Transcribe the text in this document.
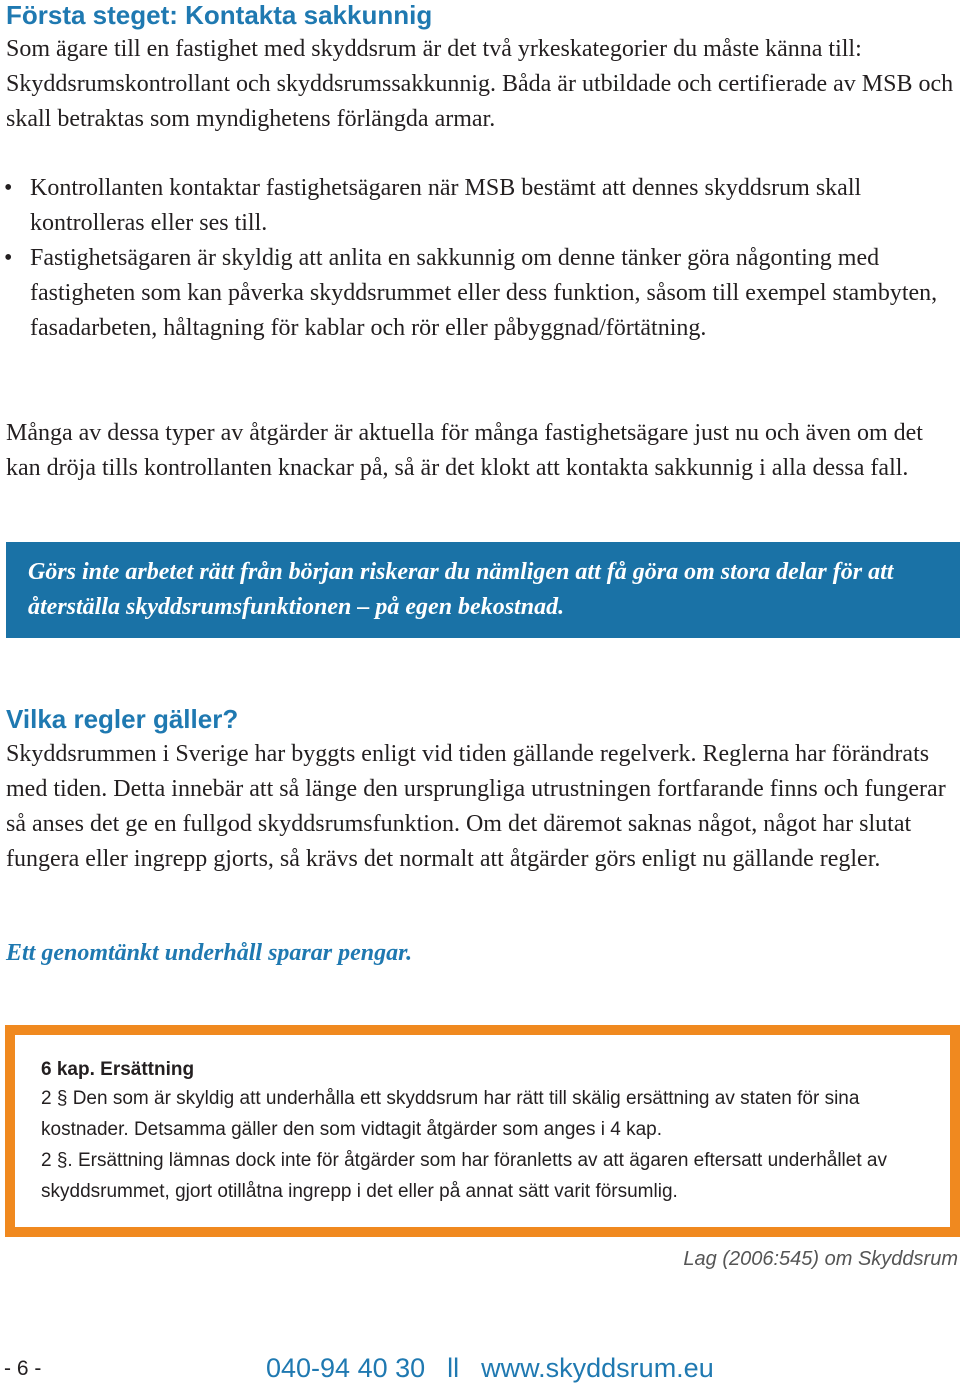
Första steget: Kontakta sakkunnig

Som ägare till en fastighet med skyddsrum är det två yrkeskategorier du måste känna till: Skyddsrumskontrollant och skyddsrumssakkunnig. Båda är utbildade och certifierade av MSB och skall betraktas som myndighetens förlängda armar.

• Kontrollanten kontaktar fastighetsägaren när MSB bestämt att dennes skyddsrum skall kontrolleras eller ses till.
• Fastighetsägaren är skyldig att anlita en sakkunnig om denne tänker göra någonting med fastigheten som kan påverka skyddsrummet eller dess funktion, såsom till exempel stambyten, fasadarbeten, håltagning för kablar och rör eller påbyggnad/förtätning.

Många av dessa typer av åtgärder är aktuella för många fastighetsägare just nu och även om det kan dröja tills kontrollanten knackar på, så är det klokt att kontakta sakkunnig i alla dessa fall.

Görs inte arbetet rätt från början riskerar du nämligen att få göra om stora delar för att återställa skyddsrumsfunktionen – på egen bekostnad.
Vilka regler gäller?

Skyddsrummen i Sverige har byggts enligt vid tiden gällande regelverk. Reglerna har förändrats med tiden. Detta innebär att så länge den ursprungliga utrustningen fortfarande finns och fungerar så anses det ge en fullgod skyddsrumsfunktion. Om det däremot saknas något, något har slutat fungera eller ingrepp gjorts, så krävs det normalt att åtgärder görs enligt nu gällande regler.

Ett genomtänkt underhåll sparar pengar.

6 kap. Ersättning

2 § Den som är skyldig att underhålla ett skyddsrum har rätt till skälig ersättning av staten för sina kostnader. Detsamma gäller den som vidtagit åtgärder som anges i 4 kap.

2 §. Ersättning lämnas dock inte för åtgärder som har föranletts av att ägaren eftersatt underhållet av skyddsrummet, gjort otillåtna ingrepp i det eller på annat sätt varit försumlig.

Lag (2006:545) om Skyddsrum

- 6 -	040-94 40 30 ll www.skyddsrum.eu
